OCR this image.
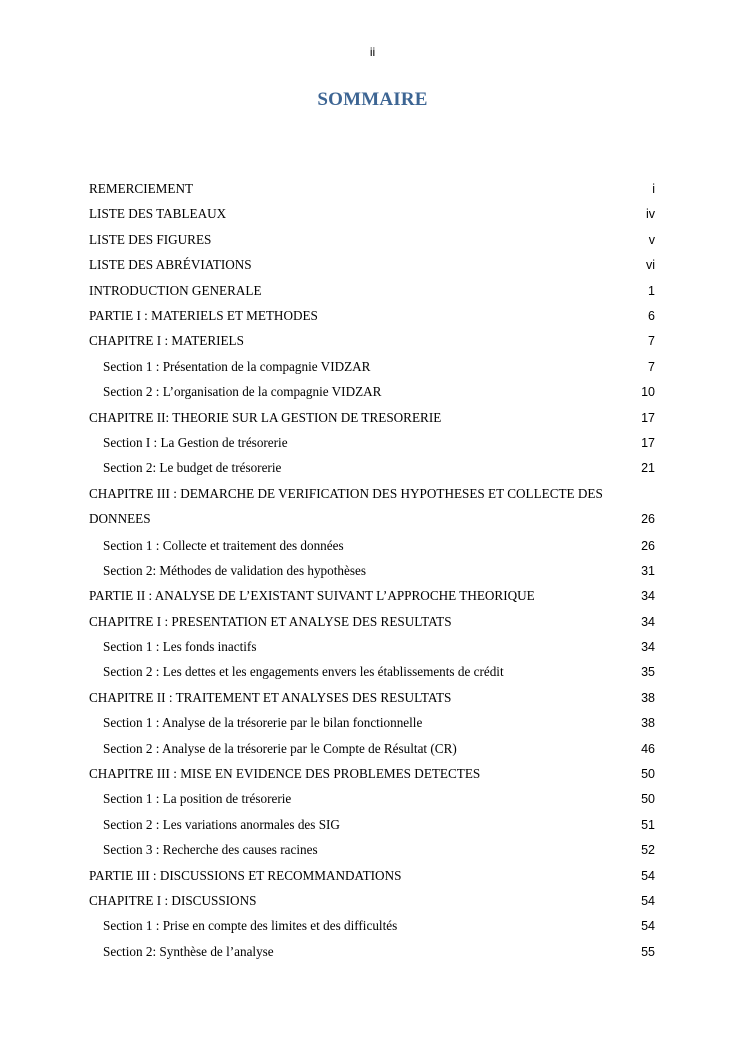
ii
SOMMAIRE
REMERCIEMENT	i
LISTE DES TABLEAUX	iv
LISTE DES FIGURES	v
LISTE DES ABRÉVIATIONS	vi
INTRODUCTION GENERALE	1
PARTIE I : MATERIELS ET METHODES	6
CHAPITRE I : MATERIELS	7
Section 1 : Présentation de la compagnie VIDZAR	7
Section 2 : L’organisation de la compagnie VIDZAR	10
CHAPITRE II: THEORIE SUR LA GESTION DE TRESORERIE	17
Section I : La Gestion de trésorerie	17
Section 2: Le budget de trésorerie	21
CHAPITRE III : DEMARCHE DE VERIFICATION DES HYPOTHESES ET COLLECTE DES
DONNEES	26
Section 1 : Collecte et traitement des données	26
Section 2: Méthodes de validation des hypothèses	31
PARTIE II : ANALYSE DE L’EXISTANT SUIVANT L’APPROCHE THEORIQUE	34
CHAPITRE I : PRESENTATION ET ANALYSE DES RESULTATS	34
Section 1 : Les fonds inactifs	34
Section 2 : Les dettes et les engagements envers les établissements de crédit	35
CHAPITRE II : TRAITEMENT ET ANALYSES DES RESULTATS	38
Section 1 : Analyse de la trésorerie par le bilan fonctionnelle	38
Section 2 : Analyse de la trésorerie par le Compte de Résultat (CR)	46
CHAPITRE III : MISE EN EVIDENCE DES PROBLEMES DETECTES	50
Section 1 : La position de trésorerie	50
Section 2 : Les variations anormales des SIG	51
Section 3 : Recherche des causes racines	52
PARTIE III : DISCUSSIONS ET RECOMMANDATIONS	54
CHAPITRE I : DISCUSSIONS	54
Section 1 : Prise en compte des limites et des difficultés	54
Section 2: Synthèse de l’analyse	55
